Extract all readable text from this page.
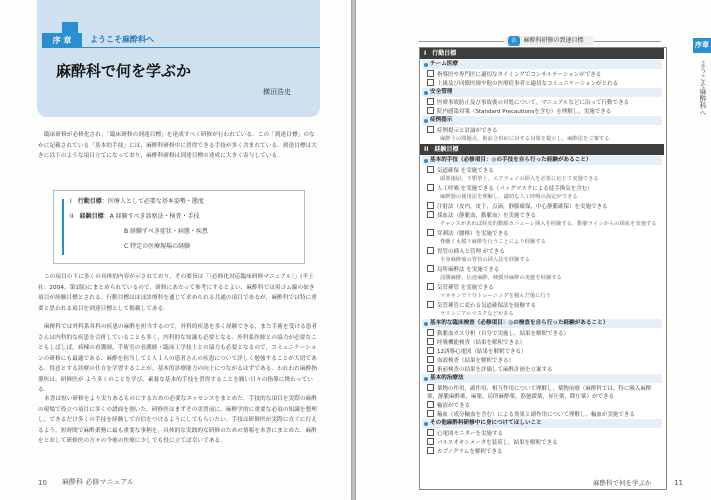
序 章	ようこそ麻酔科へ
麻酔科で何を学ぶか
横田浩史
臨床研修が必修化され，「臨床研修の到達目標」を達成すべく研修が行われている．この「到達目標」のなかに記載されている「基本的手技」には，麻酔科研修中に習得できる手技が多く含まれている．到達目標は大きに以下のような項目立てになっており，麻酔科研修は到達目標の達成に大きく寄与している．
I　 行動目標：医療人として必要な基本姿勢・態度
II　 経験目標：A 経験すべき診察法・検査・手技
B 経験すべき症状・病態・疾患
C 特定の医療現場の経験
この項目の下に多くの具体的内容が示されており，その要旨は「〔必修化対応臨床研修マニュアル〕」(羊土社：2004，第1版)にまとめられているので，研修にあたって参考にするとよい．麻酔科では黒ゴム線の如き項目が経験目標とされる．行動目標はほぼ診療科を通じて求められる共通の項目であるが，麻酔科では特に重要と思われる項目を到達目標として掲載してある．
麻酔科では外科系各科の疾患の麻酔を担当するので，外科的疾患を多く経験できる，また手術を受ける患者さんは内科的な疾患を合併していることも多く，内科的な知識も必要となる．外科系医師との協力が必要なこともしばしば，病棟の看護師，手術室の看護師・臨床工学技士との協力も必要となるので，コミュニケーションの研修にも最適である．麻酔を担当して１人１人の患者さんの疾患について詳しく勉強することが大切である．得意とする診療の仕方を学習することが，基本的診療能力の向上につながるはずである．われわれ麻酔指導医は，研修医が よう多くのことを学び，素養な基本的手技を習得することを願い日々の指導に携わっている．
本書は短い研修をより実りあるものにするための必要なエッセンスをまとめた．手技的な項目を実際の麻酔の現場で役立つ項目に多くの譜面を割いた．研修医はまずその実習前に，麻酔学的に重要な必須の知識を整理し，できるだけ多くの手技を経験して自信をつけるようにしてもらいたい．手技は研修医が実際に直ぐに行えるよう，短時間で麻酔業務に最も重要な事柄を，具体的な実践的な研修のための情報を本書にまとめた．麻酔をとおして研修医の方々の今後の医療に少しでも役に立てば幸いである．
10 麻酔科 必修マニュアル
序章
ようこそ麻酔科へ
表 麻酔科研修の到達目標
I　行動目標
チーム医療
指導医や専門医に適切なタイミングでコンサルテーションができる
上級及び同僚医師や他の医療従事者と適切なコミュニケーションがとれる
安全管理
医療事故防止及び事故後の対処について，マニュアルなどに沿って行動できる
院内感染対策（Standard Precautionsを含む）を理解し，実施できる
症例提示
症例提示と討論ができる
麻酔上の問題点，術前合併症に対する対策を提示し，麻酔法を立案する
II　経験目標
基本的手技（必修項目：◎の手技を自ら行った経験があること）
気道確保 を実施できる
頭部後屈，下顎挙上，エアウェイの挿入を必要に応じて実施できる
人工呼吸 を実施できる（バッグマスクによる徒手換気を含む）
麻酔器の使用法を理解し，適切な人工呼吸の設定ができる
注射法（皮内，皮下，点滴，静脈確保，中心静脈確保）を実施できる
採血法（静脈血，動脈血）を実施できる
チャンスがあれば経皮的動脈カニューレ挿入を経験する．動脈ラインからの採血を実施する
穿刺法（腰椎）を実施できる
脊髄くも膜下麻酔を行うことにより経験する
胃管の挿入と管理 ができる
全身麻酔後の胃管の挿入法を経験する
局所麻酔法 を実施できる
浸潤麻酔，伝達麻酔，硬膜外麻酔の実施を経験する
気管挿管 を実施できる
マネキンで十分トレーニングを積んだ後に行う
気管挿管に変わる気道確保法を経験する
ラリンジアルマスクなどがある
基本的な臨床検査（必修項目：◎の検査を自ら行った経験があること）
動脈血ガス分析（自分で実施し，結果を解釈できる）
呼吸機能検査（結果を解釈できる）
12誘導心電図（結果を解釈できる）
血液検査（結果を解釈できる）
術前検査の結果を評価して麻酔計画を立案する
基本的治療法
薬物の作用，副作用，相互作用について理解し，薬物治療（麻酔科では，特に吸入麻酔薬，静脈麻酔薬，麻薬，局所麻酔薬，筋弛緩薬，昇圧薬，降圧薬）ができる
輸液ができる
輸血（成分輸血を含む）による効果と副作用について理解し，輸血が実施できる
その他麻酔科研修中に身につけてほしいこと
心電図モニターを実施する
パルスオキシメータを装着し，結果を解釈できる
カプノグラムを解釈できる
麻酔科で何を学ぶか	11
